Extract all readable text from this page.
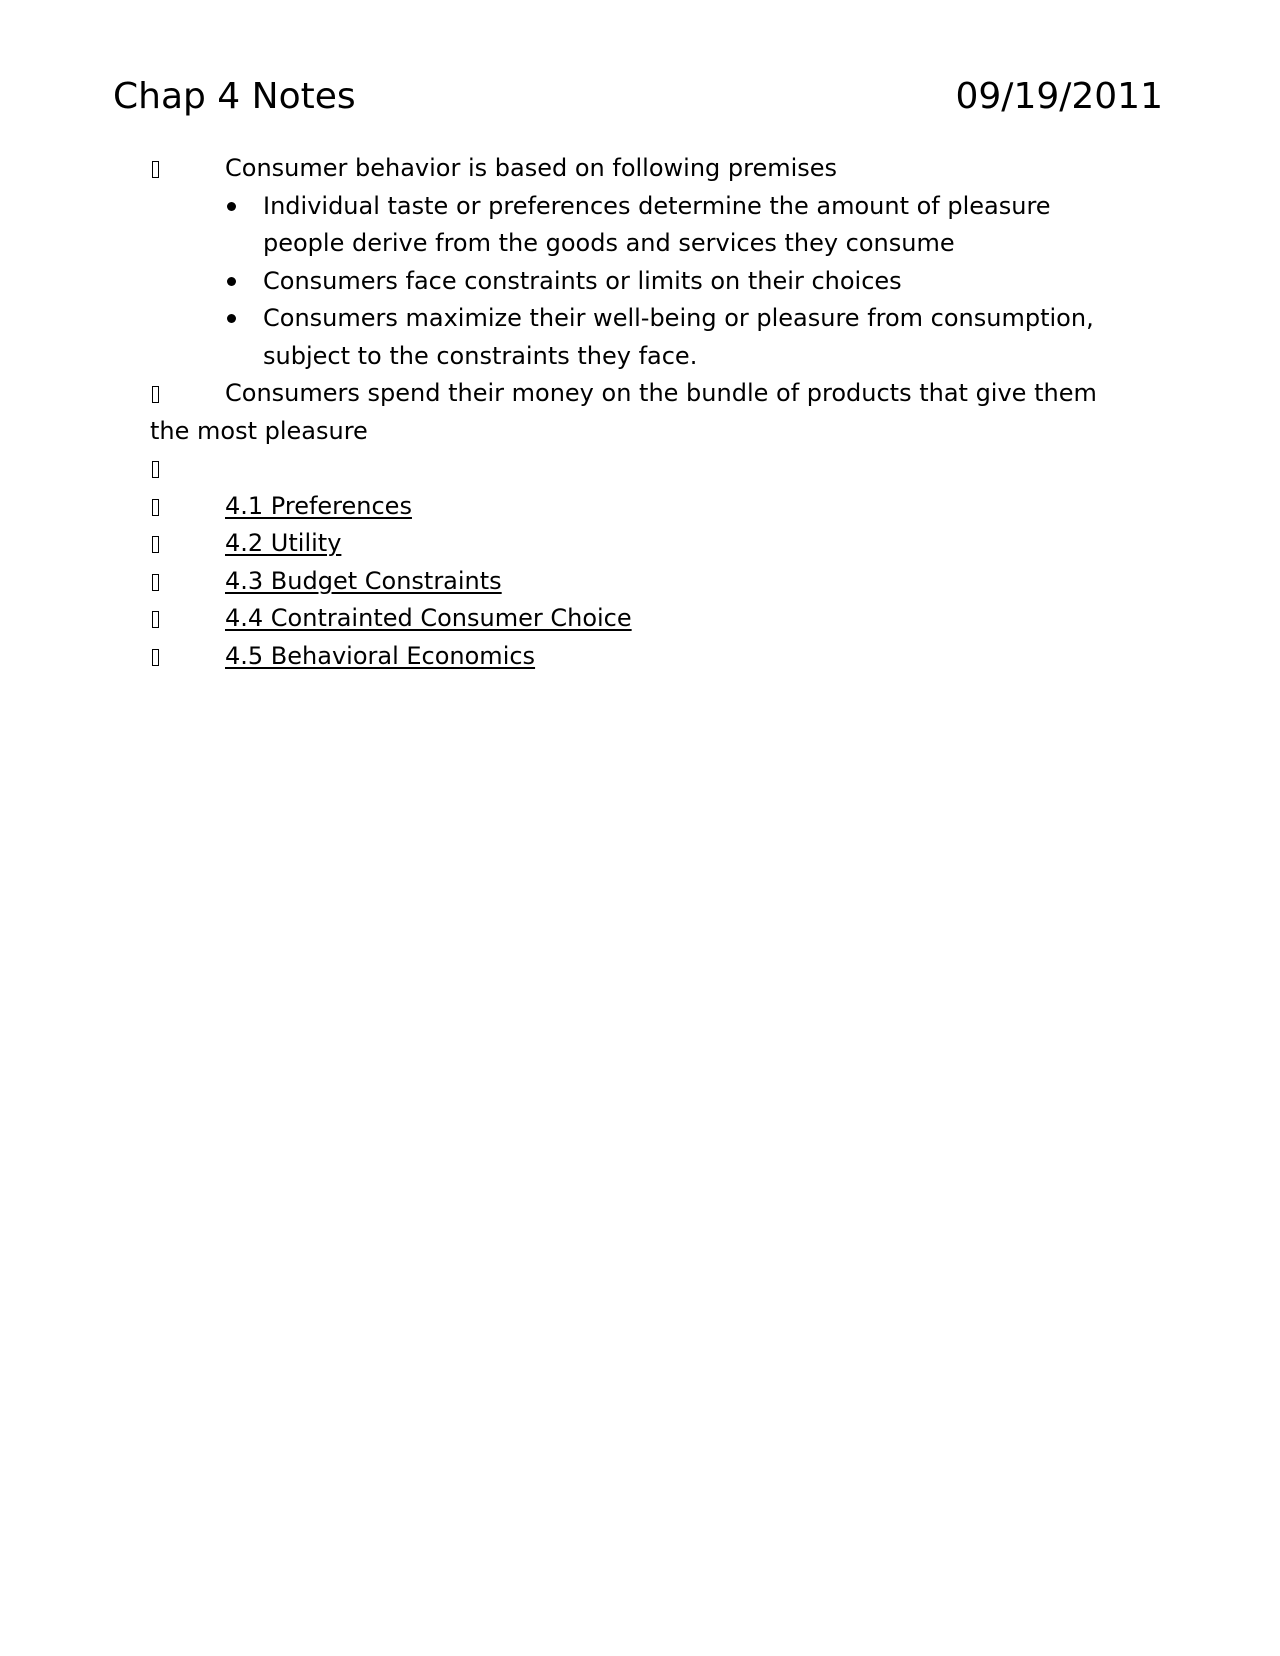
Chap 4 Notes	09/19/2011
Consumer behavior is based on following premises
Individual taste or preferences determine the amount of pleasure people derive from the goods and services they consume
Consumers face constraints or limits on their choices
Consumers maximize their well-being or pleasure from consumption, subject to the constraints they face.
Consumers spend their money on the bundle of products that give them the most pleasure
4.1 Preferences
4.2 Utility
4.3 Budget Constraints
4.4 Contrainted Consumer Choice
4.5 Behavioral Economics
